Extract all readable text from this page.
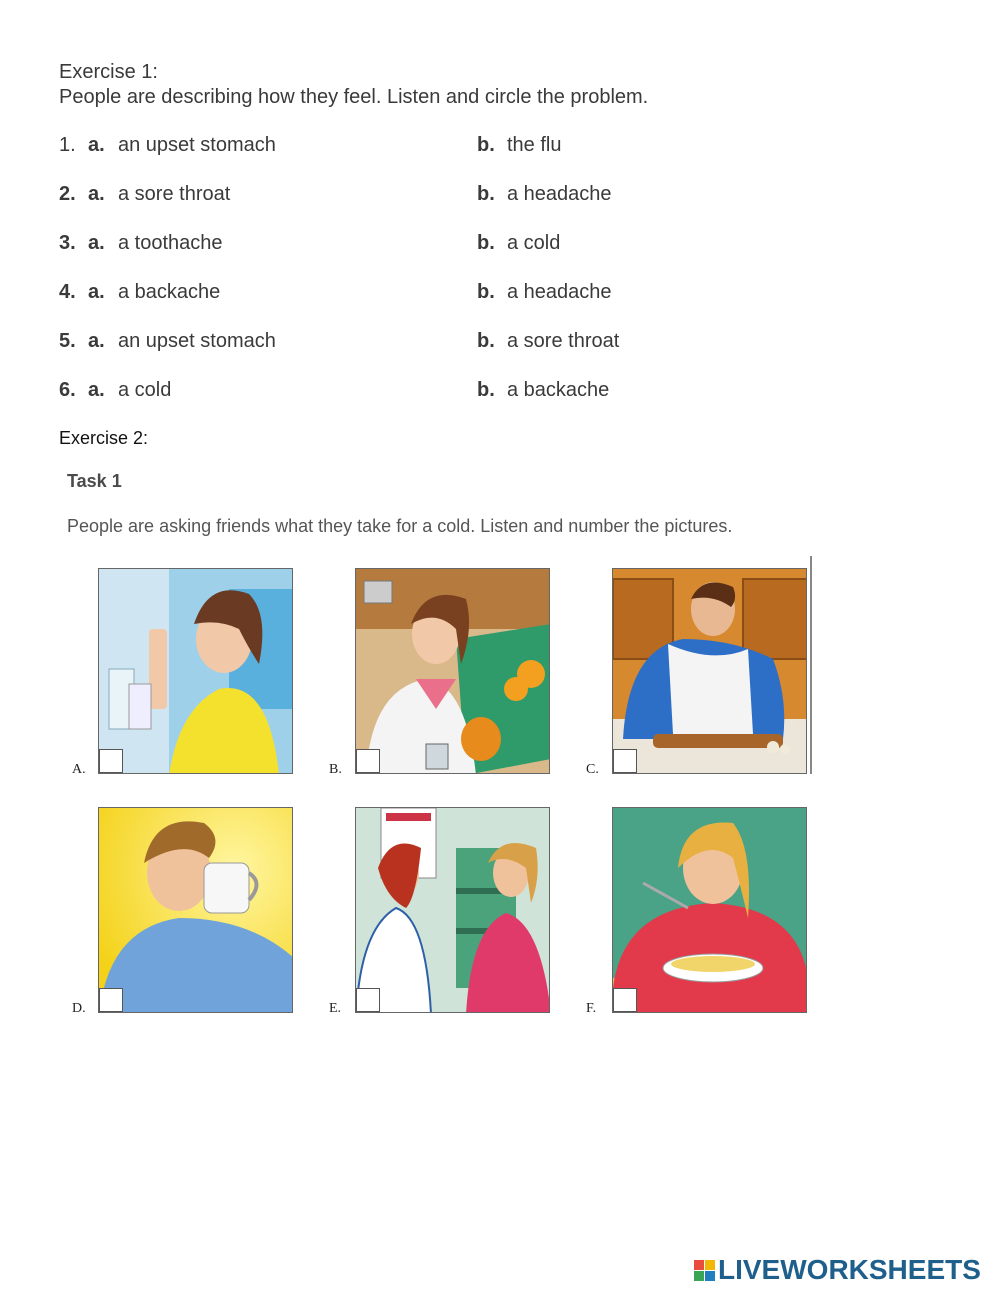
Exercise 1:
People are describing how they feel. Listen and circle the problem.
1. a. an upset stomach	b. the flu
2. a. a sore throat	b. a headache
3. a. a toothache	b. a cold
4. a. a backache	b. a headache
5. a. an upset stomach	b. a sore throat
6. a. a cold	b. a backache
Exercise 2:
Task 1
People are asking friends what they take for a cold. Listen and number the pictures.
A.	B.	C.
D.	E.	F.
LIVEWORKSHEETS
